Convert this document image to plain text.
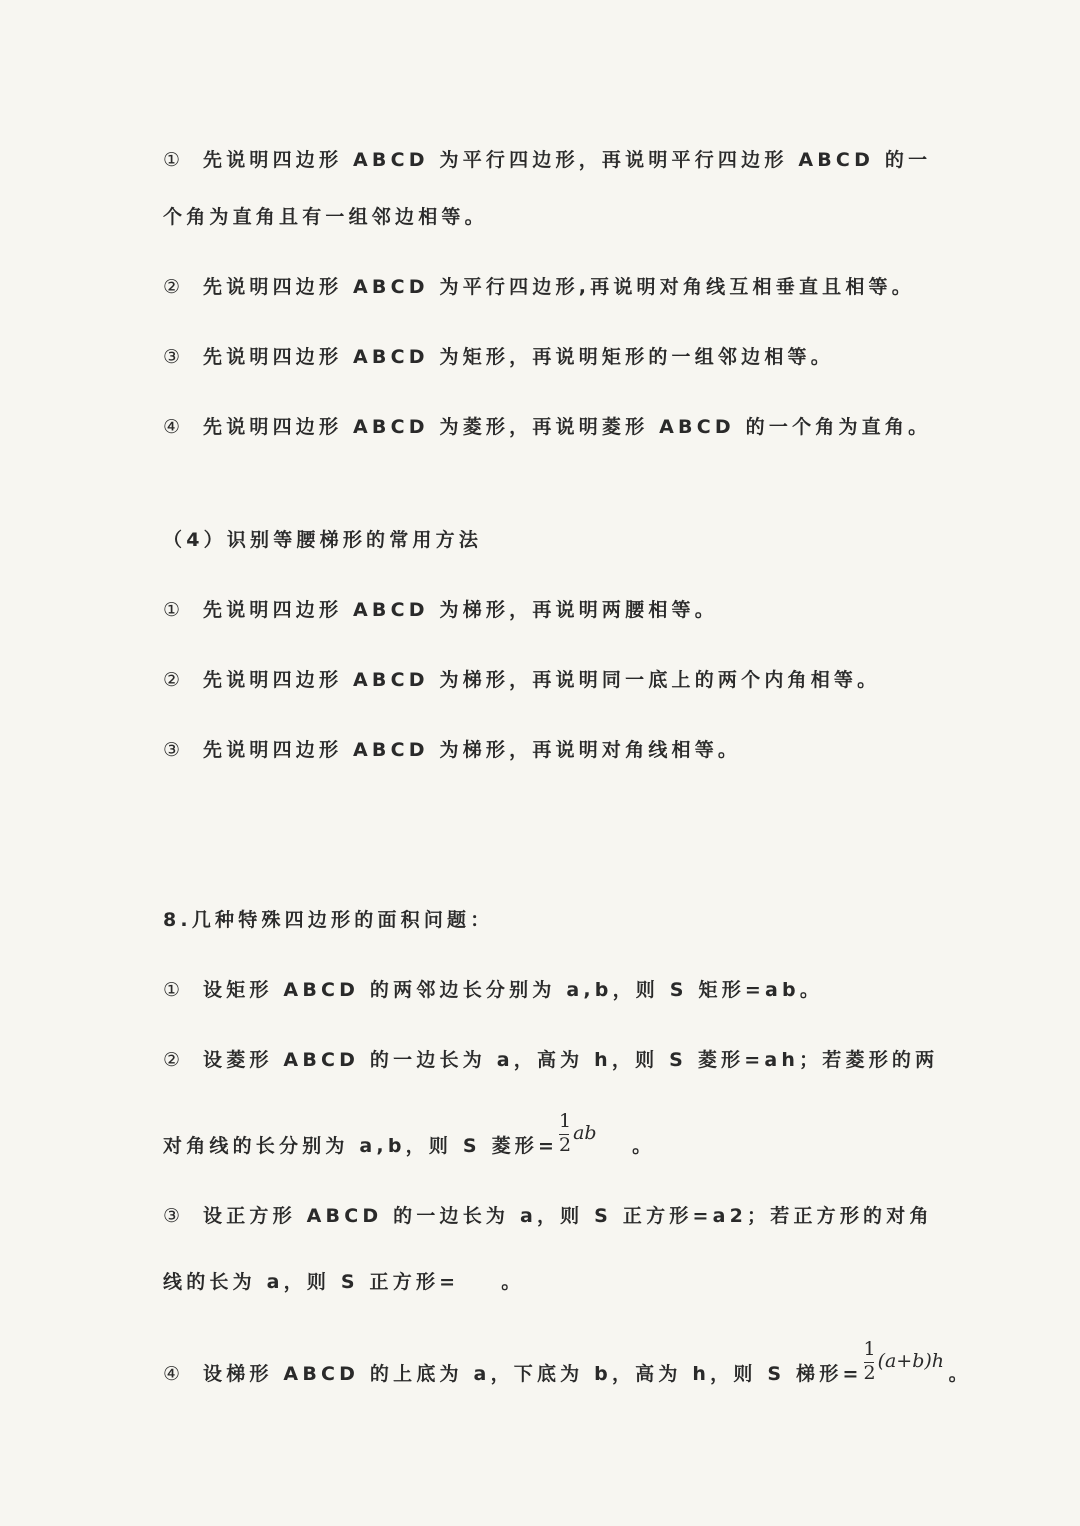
① 先说明四边形 ABCD 为平行四边形，再说明平行四边形 ABCD 的一
个角为直角且有一组邻边相等。
② 先说明四边形 ABCD 为平行四边形,再说明对角线互相垂直且相等。
③ 先说明四边形 ABCD 为矩形，再说明矩形的一组邻边相等。
④ 先说明四边形 ABCD 为菱形，再说明菱形 ABCD 的一个角为直角。
（4）识别等腰梯形的常用方法
① 先说明四边形 ABCD 为梯形，再说明两腰相等。
② 先说明四边形 ABCD 为梯形，再说明同一底上的两个内角相等。
③ 先说明四边形 ABCD 为梯形，再说明对角线相等。
8.几种特殊四边形的面积问题：
① 设矩形 ABCD 的两邻边长分别为 a,b，则 S 矩形=ab。
② 设菱形 ABCD 的一边长为 a，高为 h，则 S 菱形=ah；若菱形的两
对角线的长分别为 a,b，则 S 菱形=
1
2
ab
。
③ 设正方形 ABCD 的一边长为 a，则 S 正方形=a2；若正方形的对角
线的长为 a，则 S 正方形= 。
④ 设梯形 ABCD 的上底为 a，下底为 b，高为 h，则 S 梯形=
1
2
(a+b)h
。
